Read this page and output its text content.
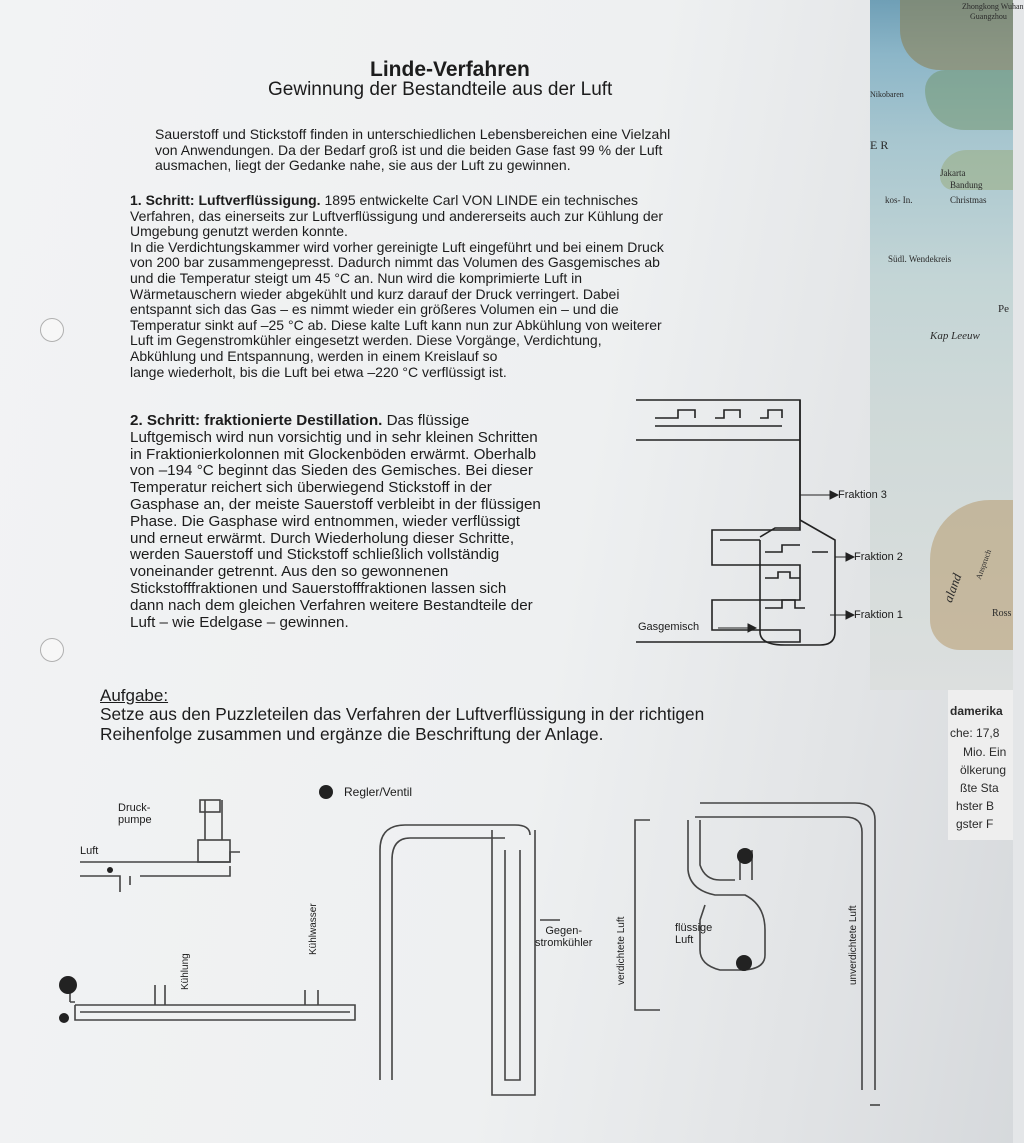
Zhongkong Wuhan
Guangzhou
E R
Nikobaren
Jakarta
Bandung
kos- In.	Christmas
Südl. Wendekreis
Pe
Kap Leeuw
aland
Anspruch
Ross
damerika
che: 17,8
Mio. Ein
ölkerung
ßte Sta
hster B
gster F
Linde-Verfahren
Gewinnung der Bestandteile aus der Luft
Sauerstoff und Stickstoff finden in unterschiedlichen Lebensbereichen eine Vielzahl
von Anwendungen. Da der Bedarf groß ist und die beiden Gase fast 99 % der Luft
ausmachen, liegt der Gedanke nahe, sie aus der Luft zu gewinnen.
1. Schritt: Luftverflüssigung. 1895 entwickelte Carl VON LINDE ein technisches
Verfahren, das einerseits zur Luftverflüssigung und andererseits auch zur Kühlung der
Umgebung genutzt werden konnte.
In die Verdichtungskammer wird vorher gereinigte Luft eingeführt und bei einem Druck
von 200 bar zusammengepresst. Dadurch nimmt das Volumen des Gasgemisches ab
und die Temperatur steigt um 45 °C an. Nun wird die komprimierte Luft in
Wärmetauschern wieder abgekühlt und kurz darauf der Druck verringert. Dabei
entspannt sich das Gas – es nimmt wieder ein größeres Volumen ein – und die
Temperatur sinkt auf –25 °C ab. Diese kalte Luft kann nun zur Abkühlung von weiterer
Luft im Gegenstromkühler eingesetzt werden. Diese Vorgänge, Verdichtung,
Abkühlung und Entspannung, werden in einem Kreislauf so
lange wiederholt, bis die Luft bei etwa –220 °C verflüssigt ist.
2. Schritt: fraktionierte Destillation. Das flüssige
Luftgemisch wird nun vorsichtig und in sehr kleinen Schritten
in Fraktionierkolonnen mit Glockenböden erwärmt. Oberhalb
von –194 °C beginnt das Sieden des Gemisches. Bei dieser
Temperatur reichert sich überwiegend Stickstoff in der
Gasphase an, der meiste Sauerstoff verbleibt in der flüssigen
Phase. Die Gasphase wird entnommen, wieder verflüssigt
und erneut erwärmt. Durch Wiederholung dieser Schritte,
werden Sauerstoff und Stickstoff schließlich vollständig
voneinander getrennt. Aus den so gewonnenen
Stickstofffraktionen und Sauerstofffraktionen lassen sich
dann nach dem gleichen Verfahren weitere Bestandteile der
Luft – wie Edelgase – gewinnen.
Fraktion 3
Fraktion 2
Fraktion 1
Gasgemisch
Aufgabe:
Setze aus den Puzzleteilen das Verfahren der Luftverflüssigung in der richtigen
Reihenfolge zusammen und ergänze die Beschriftung der Anlage.
Druck-
pumpe
Luft
Kühlung
Kühlwasser
Regler/Ventil
Gegen-
stromkühler verdichtete Luft	flüssige
Luft	unverdichtete Luft
